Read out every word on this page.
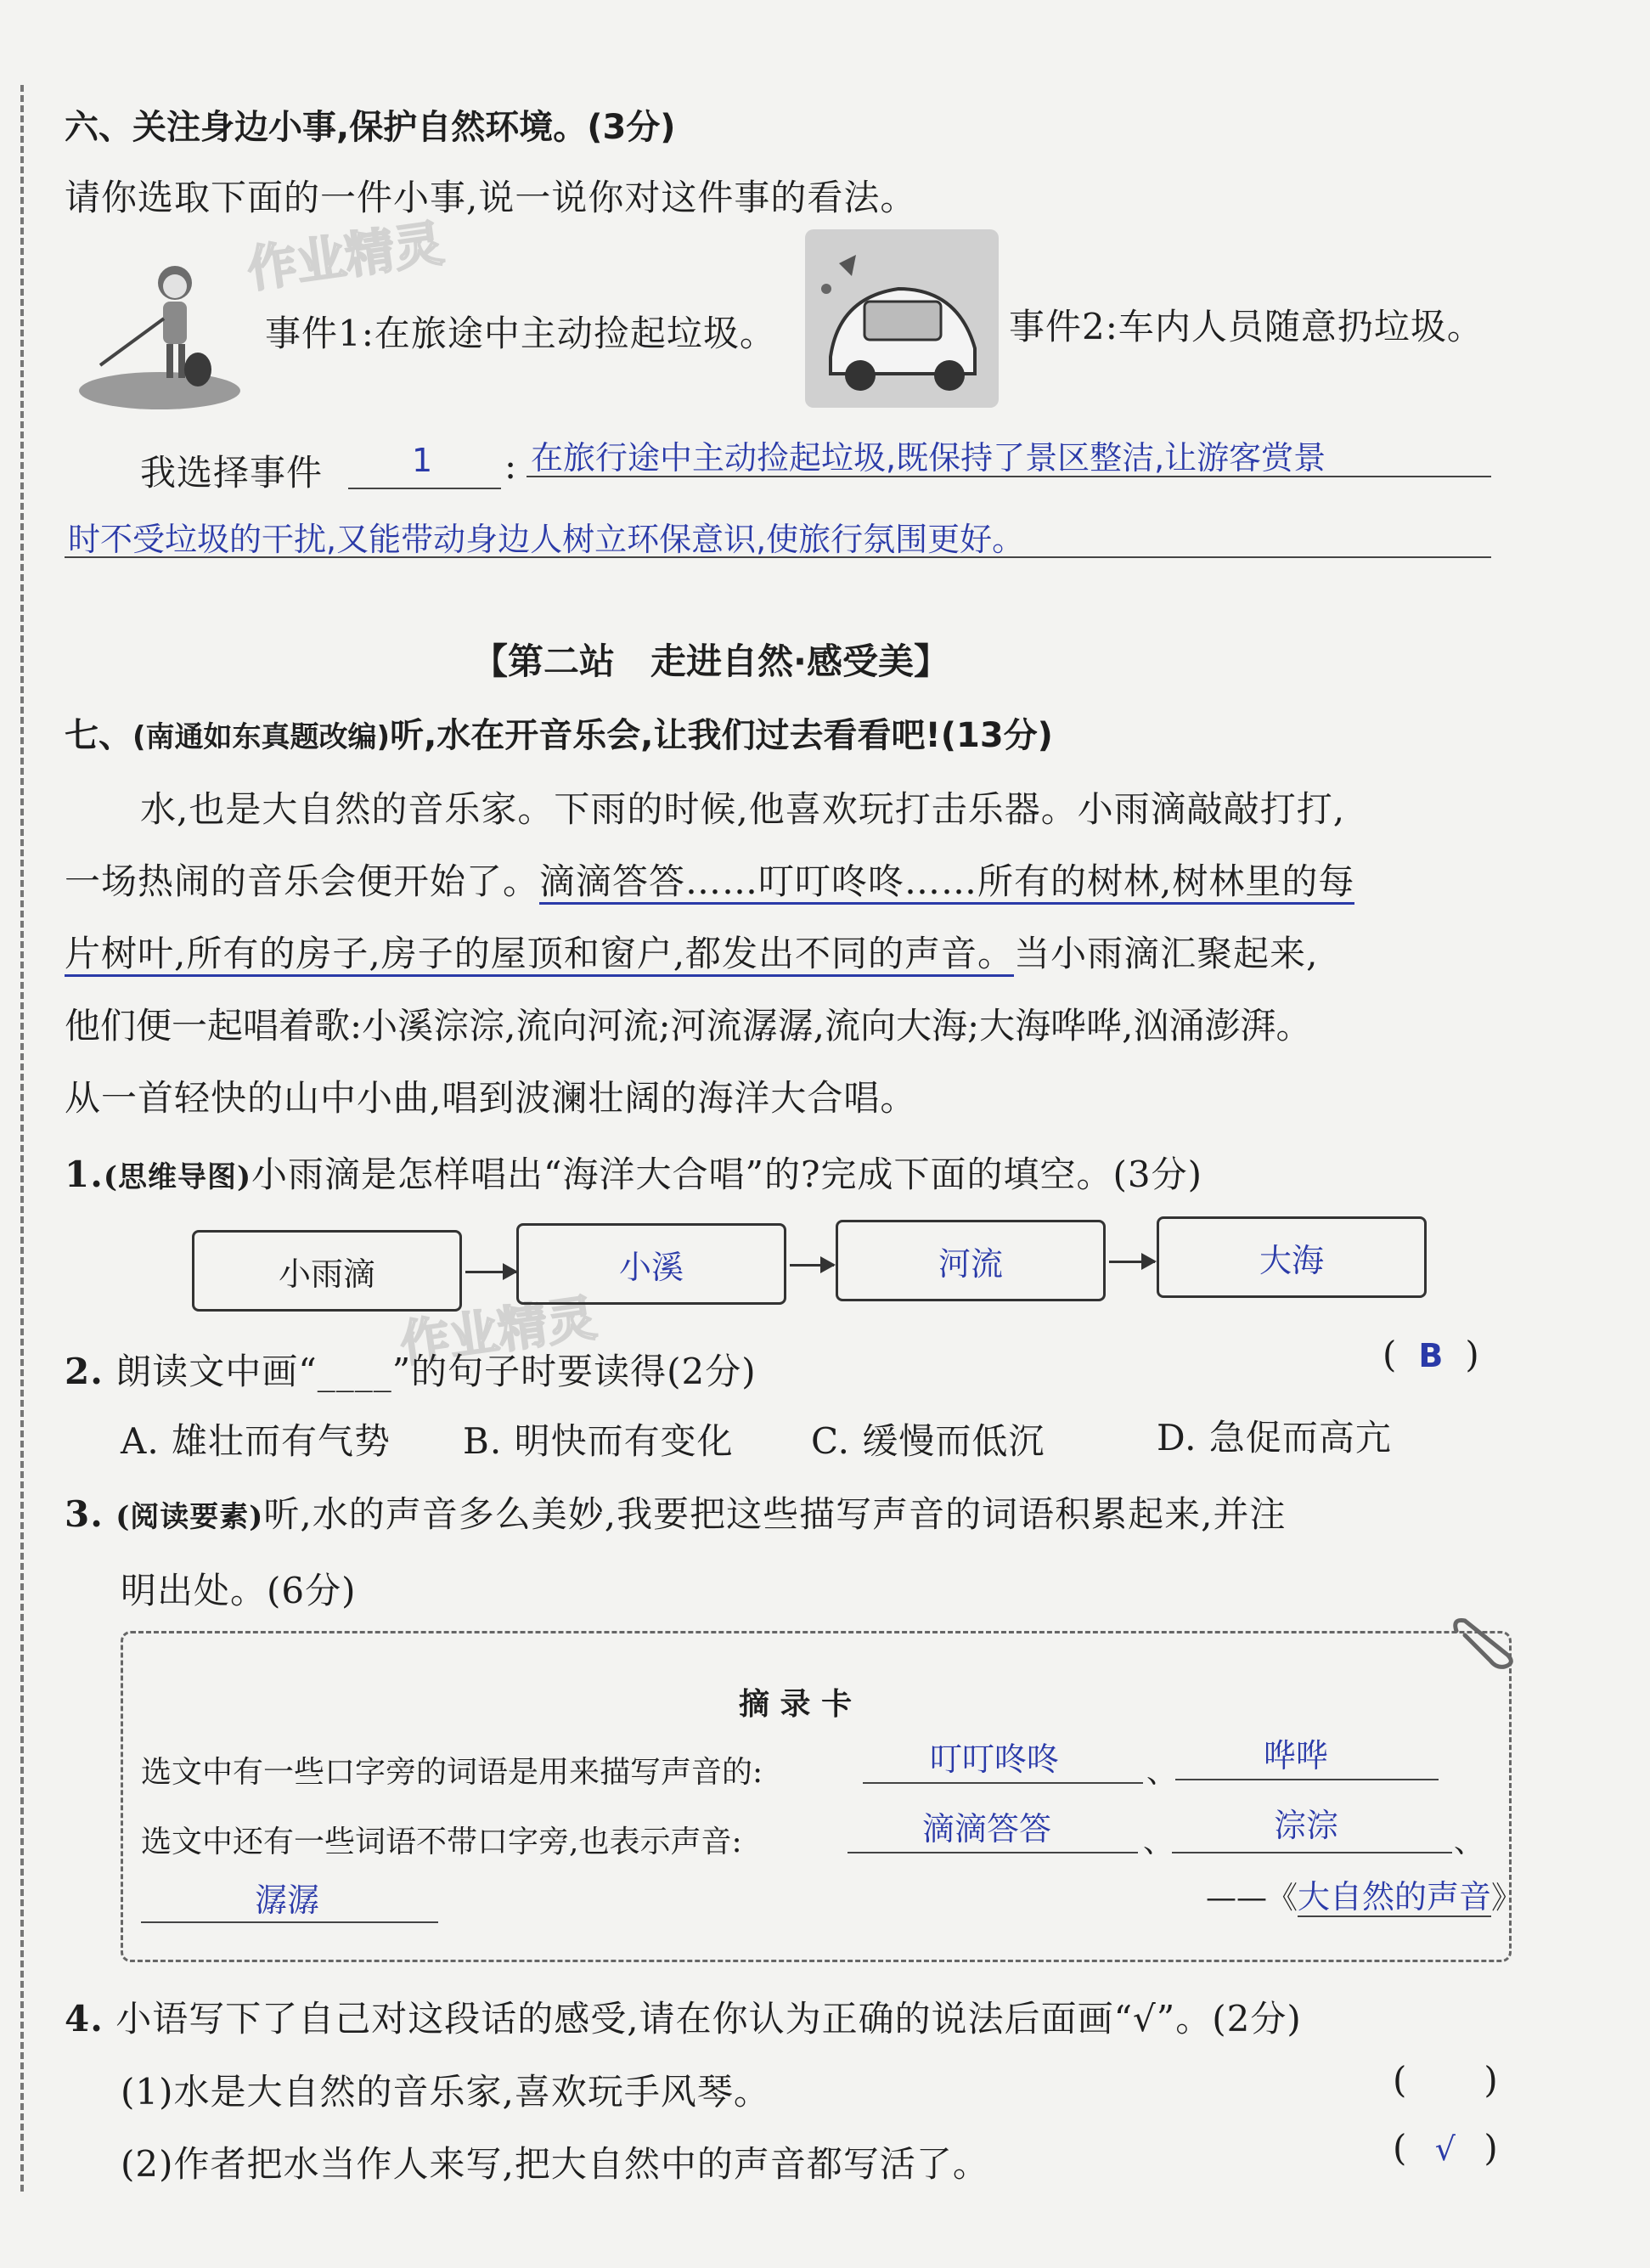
作业精灵
作业精灵
六、关注身边小事,保护自然环境。(3分)
请你选取下面的一件小事,说一说你对这件事的看法。
事件1:在旅途中主动捡起垃圾。	事件2:车内人员随意扔垃圾。
我选择事件	1 : 在旅行途中主动捡起垃圾,既保持了景区整洁,让游客赏景
时不受垃圾的干扰,又能带动身边人树立环保意识,使旅行氛围更好。
【第二站　走进自然·感受美】
七、(南通如东真题改编)听,水在开音乐会,让我们过去看看吧!(13分)
水,也是大自然的音乐家。下雨的时候,他喜欢玩打击乐器。小雨滴敲敲打打,
一场热闹的音乐会便开始了。滴滴答答……叮叮咚咚……所有的树林,树林里的每
片树叶,所有的房子,房子的屋顶和窗户,都发出不同的声音。当小雨滴汇聚起来,
他们便一起唱着歌:小溪淙淙,流向河流;河流潺潺,流向大海;大海哗哗,汹涌澎湃。
从一首轻快的山中小曲,唱到波澜壮阔的海洋大合唱。
1.(思维导图)小雨滴是怎样唱出“海洋大合唱”的?完成下面的填空。(3分)
小雨滴	小溪	河流	大海
2. 朗读文中画“____”的句子时要读得(2分)	( B )
A. 雄壮而有气势 B. 明快而有变化 C. 缓慢而低沉	D. 急促而高亢
3. (阅读要素)听,水的声音多么美妙,我要把这些描写声音的词语积累起来,并注
明出处。(6分)
摘 录 卡
选文中有一些口字旁的词语是用来描写声音的:	叮叮咚咚	、	哗哗
选文中还有一些词语不带口字旁,也表示声音:	滴滴答答	、	淙淙	、
潺潺	——《大自然的声音》
4. 小语写下了自己对这段话的感受,请在你认为正确的说法后面画“√”。(2分)
(1)水是大自然的音乐家,喜欢玩手风琴。	( )
(2)作者把水当作人来写,把大自然中的声音都写活了。	( √ )
